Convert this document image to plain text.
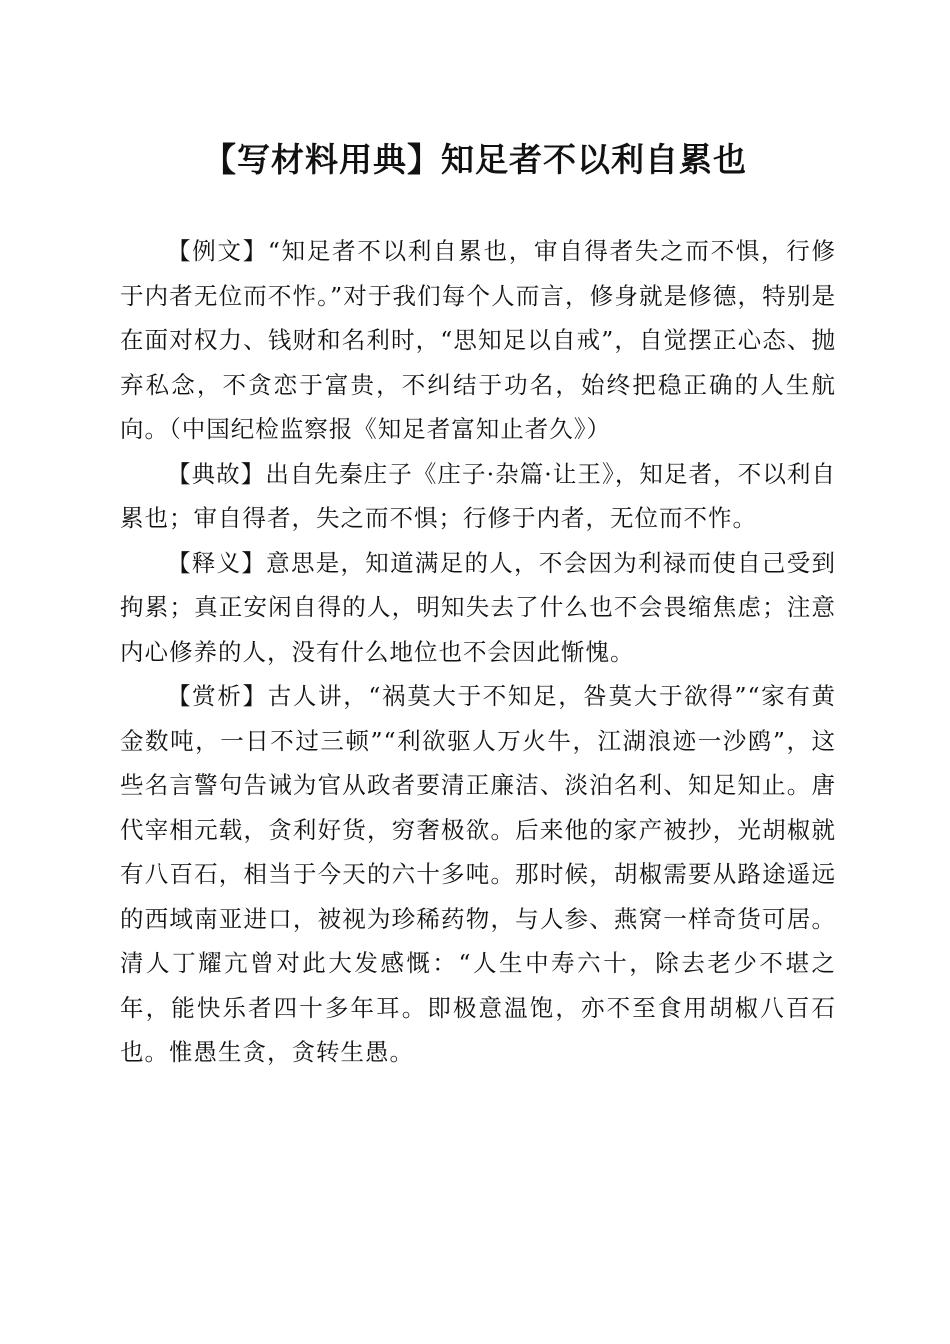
【写材料用典】知足者不以利自累也

【例文】“知足者不以利自累也，审自得者失之而不惧，行修于内者无位而不怍。”对于我们每个人而言，修身就是修德，特别是在面对权力、钱财和名利时，“思知足以自戒”，自觉摆正心态、抛弃私念，不贪恋于富贵，不纠结于功名，始终把稳正确的人生航向。（中国纪检监察报《知足者富知止者久》）

【典故】出自先秦庄子《庄子·杂篇·让王》，知足者，不以利自累也；审自得者，失之而不惧；行修于内者，无位而不怍。

【释义】意思是，知道满足的人，不会因为利禄而使自己受到拘累；真正安闲自得的人，明知失去了什么也不会畏缩焦虑；注意内心修养的人，没有什么地位也不会因此惭愧。

【赏析】古人讲，“祸莫大于不知足，咎莫大于欲得”“家有黄金数吨，一日不过三顿”“利欲驱人万火牛，江湖浪迹一沙鸥”，这些名言警句告诫为官从政者要清正廉洁、淡泊名利、知足知止。唐代宰相元载，贪利好货，穷奢极欲。后来他的家产被抄，光胡椒就有八百石，相当于今天的六十多吨。那时候，胡椒需要从路途遥远的西域南亚进口，被视为珍稀药物，与人参、燕窝一样奇货可居。清人丁耀亢曾对此大发感慨：“人生中寿六十，除去老少不堪之年，能快乐者四十多年耳。即极意温饱，亦不至食用胡椒八百石也。惟愚生贪，贪转生愚。
